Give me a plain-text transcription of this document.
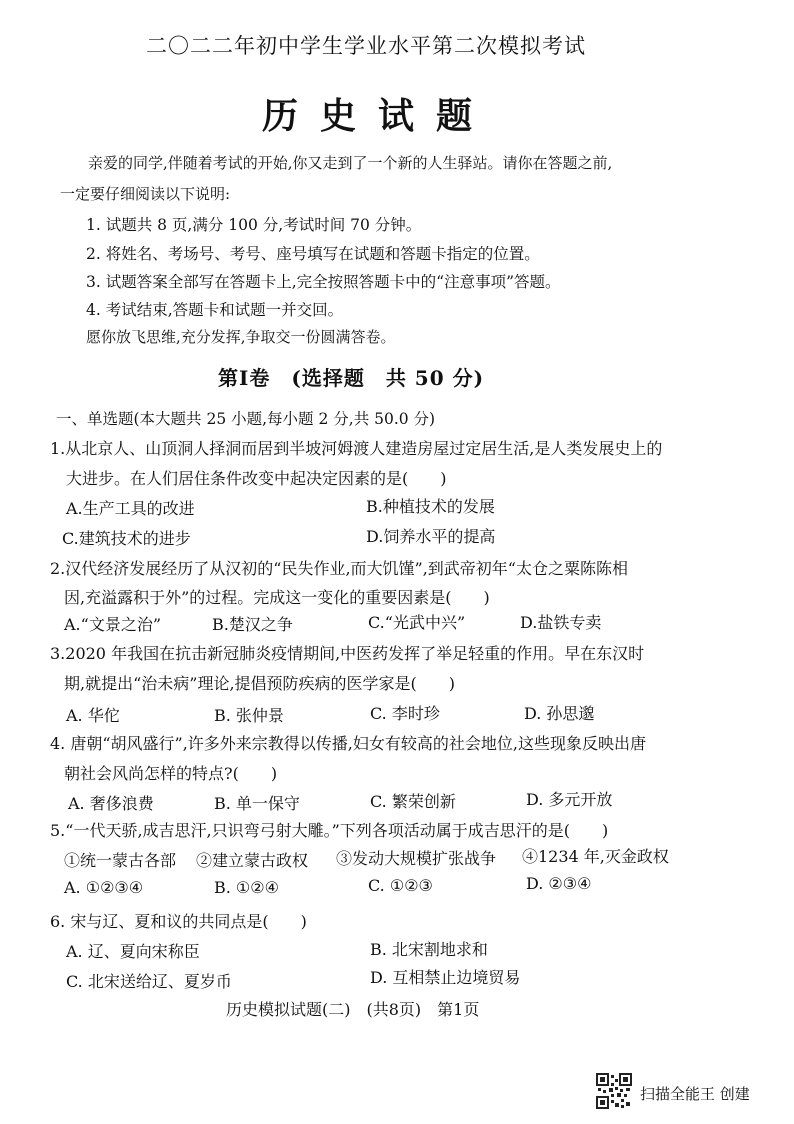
二〇二二年初中学生学业水平第二次模拟考试
历史试题
亲爱的同学,伴随着考试的开始,你又走到了一个新的人生驿站。请你在答题之前,
一定要仔细阅读以下说明:
1. 试题共 8 页,满分 100 分,考试时间 70 分钟。
2. 将姓名、考场号、考号、座号填写在试题和答题卡指定的位置。
3. 试题答案全部写在答题卡上,完全按照答题卡中的“注意事项”答题。
4. 考试结束,答题卡和试题一并交回。
愿你放飞思维,充分发挥,争取交一份圆满答卷。
第Ⅰ卷　(选择题　共 50 分)
一、单选题(本大题共 25 小题,每小题 2 分,共 50.0 分)
1.从北京人、山顶洞人择洞而居到半坡河姆渡人建造房屋过定居生活,是人类发展史上的
大进步。在人们居住条件改变中起决定因素的是(　　)
A.生产工具的改进	B.种植技术的发展
C.建筑技术的进步	D.饲养水平的提高
2.汉代经济发展经历了从汉初的“民失作业,而大饥馑”,到武帝初年“太仓之粟陈陈相
因,充溢露积于外”的过程。完成这一变化的重要因素是(　　)
A.“文景之治”	B.楚汉之争	C.“光武中兴”	D.盐铁专卖
3.2020 年我国在抗击新冠肺炎疫情期间,中医药发挥了举足轻重的作用。早在东汉时
期,就提出“治未病”理论,提倡预防疾病的医学家是(　　)
A. 华佗	B. 张仲景	C. 李时珍	D. 孙思邈
4. 唐朝“胡风盛行”,许多外来宗教得以传播,妇女有较高的社会地位,这些现象反映出唐
朝社会风尚怎样的特点?(　　)
A. 奢侈浪费	B. 单一保守	C. 繁荣创新	D. 多元开放
5.“一代天骄,成吉思汗,只识弯弓射大雕。”下列各项活动属于成吉思汗的是(　　)
①统一蒙古各部 ②建立蒙古政权 ③发动大规模扩张战争 ④1234 年,灭金政权
A. ①②③④	B. ①②④	C. ①②③	D. ②③④
6. 宋与辽、夏和议的共同点是(　　)
A. 辽、夏向宋称臣	B. 北宋割地求和
C. 北宋送给辽、夏岁币	D. 互相禁止边境贸易
历史模拟试题(二)　(共8页)　第1页
扫描全能王 创建
